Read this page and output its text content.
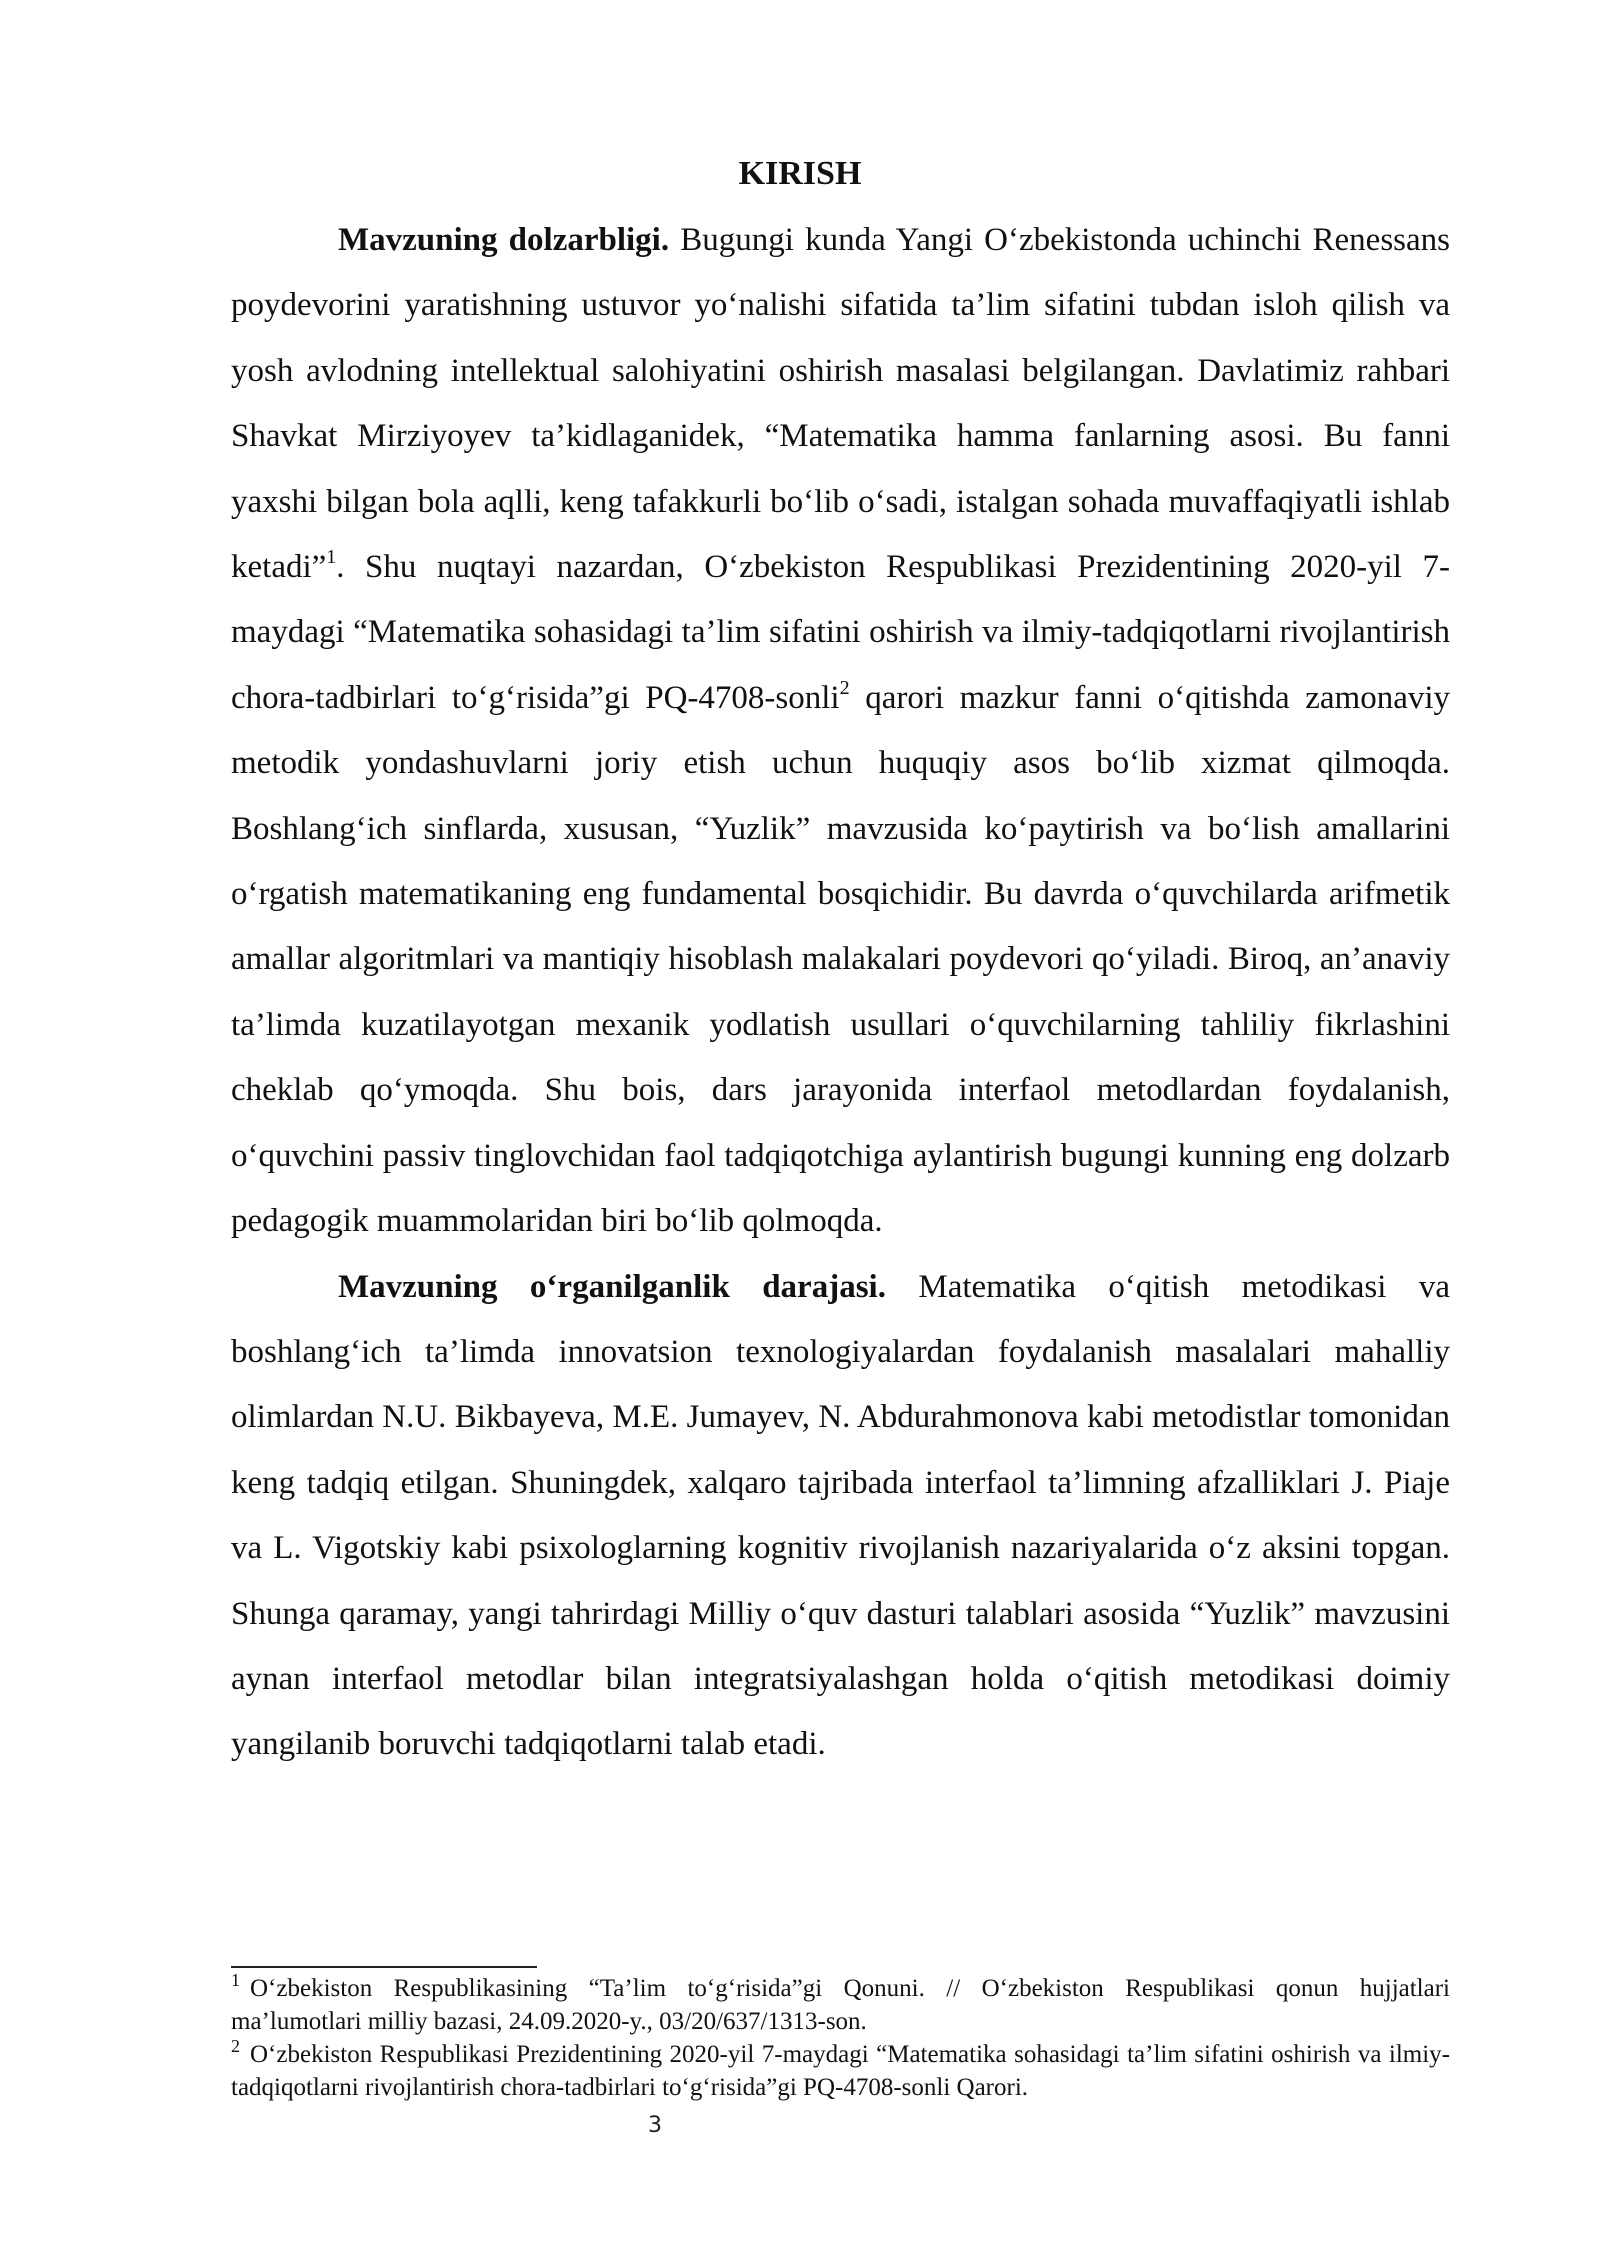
KIRISH

Mavzuning dolzarbligi. Bugungi kunda Yangi O‘zbekistonda uchinchi Renessans poydevorini yaratishning ustuvor yo‘nalishi sifatida ta’lim sifatini tubdan isloh qilish va yosh avlodning intellektual salohiyatini oshirish masalasi belgilangan. Davlatimiz rahbari Shavkat Mirziyoyev ta’kidlaganidek, “Matematika hamma fanlarning asosi. Bu fanni yaxshi bilgan bola aqlli, keng tafakkurli bo‘lib o‘sadi, istalgan sohada muvaffaqiyatli ishlab ketadi”$^1$. Shu nuqtayi nazardan, O‘zbekiston Respublikasi Prezidentining 2020-yil 7-maydagi “Matematika sohasidagi ta’lim sifatini oshirish va ilmiy-tadqiqotlarni rivojlantirish chora-tadbirlari to‘g‘risida”gi PQ-4708-sonli$^2$ qarori mazkur fanni o‘qitishda zamonaviy metodik yondashuvlarni joriy etish uchun huquqiy asos bo‘lib xizmat qilmoqda. Boshlang‘ich sinflarda, xususan, “Yuzlik” mavzusida ko‘paytirish va bo‘lish amallarini o‘rgatish matematikaning eng fundamental bosqichidir. Bu davrda o‘quvchilarda arifmetik amallar algoritmlari va mantiqiy hisoblash malakalari poydevori qo‘yiladi. Biroq, an’anaviy ta’limda kuzatilayotgan mexanik yodlatish usullari o‘quvchilarning tahliliy fikrlashini cheklab qo‘ymoqda. Shu bois, dars jarayonida interfaol metodlardan foydalanish, o‘quvchini passiv tinglovchidan faol tadqiqotchiga aylantirish bugungi kunning eng dolzarb pedagogik muammolaridan biri bo‘lib qolmoqda.

Mavzuning o‘rganilganlik darajasi. Matematika o‘qitish metodikasi va boshlang‘ich ta’limda innovatsion texnologiyalardan foydalanish masalalari mahalliy olimlardan N.U. Bikbayeva, M.E. Jumayev, N. Abdurahmonova kabi metodistlar tomonidan keng tadqiq etilgan. Shuningdek, xalqaro tajribada interfaol ta’limning afzalliklari J. Piaje va L. Vigotskiy kabi psixologlarning kognitiv rivojlanish nazariyalarida o‘z aksini topgan. Shunga qaramay, yangi tahrirdagi Milliy o‘quv dasturi talablari asosida “Yuzlik” mavzusini aynan interfaol metodlar bilan integratsiyalashgan holda o‘qitish metodikasi doimiy yangilanib boruvchi tadqiqotlarni talab etadi.

$^1$ O‘zbekiston Respublikasining “Ta’lim to‘g‘risida”gi Qonuni. // O‘zbekiston Respublikasi qonun hujjatlari ma’lumotlari milliy bazasi, 24.09.2020-y., 03/20/637/1313-son.

$^2$ O‘zbekiston Respublikasi Prezidentining 2020-yil 7-maydagi “Matematika sohasidagi ta’lim sifatini oshirish va ilmiy-tadqiqotlarni rivojlantirish chora-tadbirlari to‘g‘risida”gi PQ-4708-sonli Qarori.

3
